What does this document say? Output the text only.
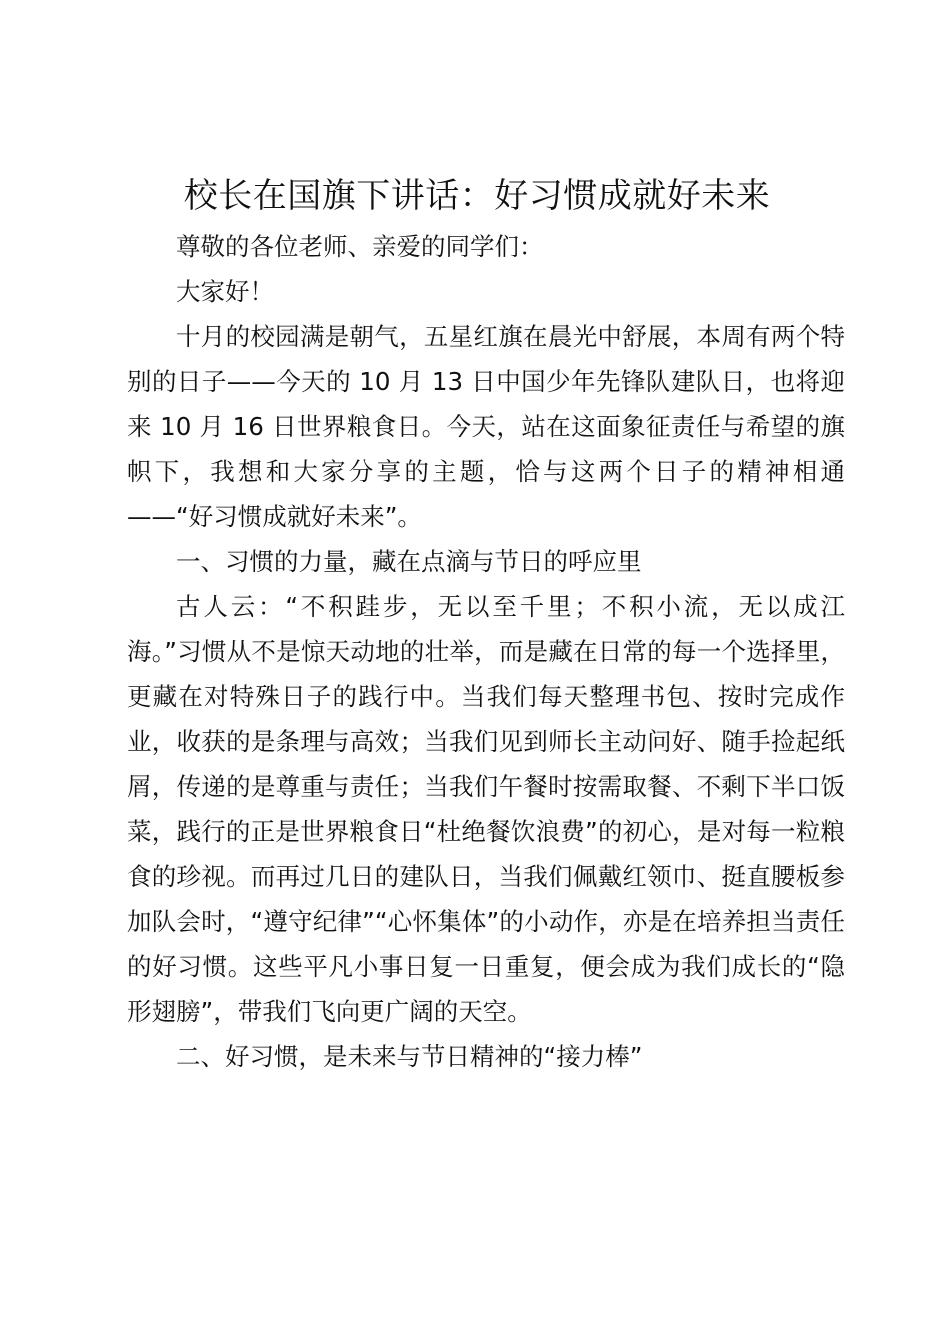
校长在国旗下讲话：好习惯成就好未来

尊敬的各位老师、亲爱的同学们：

大家好！

十月的校园满是朝气，五星红旗在晨光中舒展，本周有两个特别的日子——今天的 10 月 13 日中国少年先锋队建队日，也将迎来 10 月 16 日世界粮食日。今天，站在这面象征责任与希望的旗帜下，我想和大家分享的主题，恰与这两个日子的精神相通——“好习惯成就好未来”。

一、习惯的力量，藏在点滴与节日的呼应里

古人云：“不积跬步，无以至千里；不积小流，无以成江海。”习惯从不是惊天动地的壮举，而是藏在日常的每一个选择里，更藏在对特殊日子的践行中。当我们每天整理书包、按时完成作业，收获的是条理与高效；当我们见到师长主动问好、随手捡起纸屑，传递的是尊重与责任；当我们午餐时按需取餐、不剩下半口饭菜，践行的正是世界粮食日“杜绝餐饮浪费”的初心，是对每一粒粮食的珍视。而再过几日的建队日，当我们佩戴红领巾、挺直腰板参加队会时，“遵守纪律”“心怀集体”的小动作，亦是在培养担当责任的好习惯。这些平凡小事日复一日重复，便会成为我们成长的“隐形翅膀”，带我们飞向更广阔的天空。

二、好习惯，是未来与节日精神的“接力棒”
